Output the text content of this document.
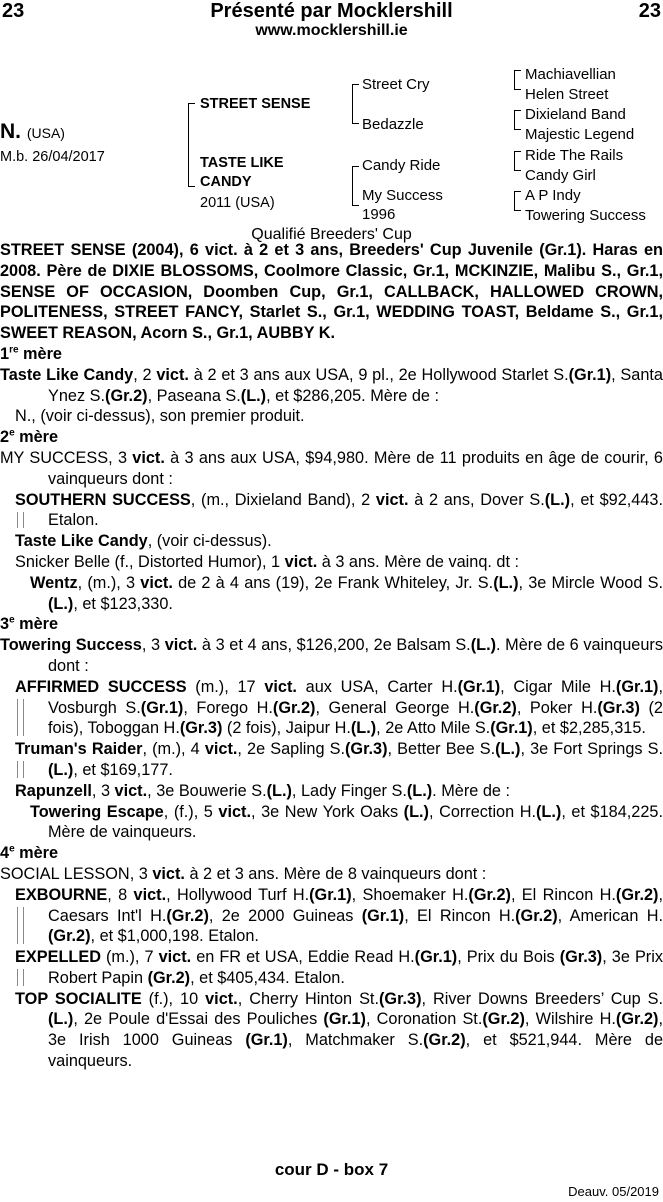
23	Présenté par Mocklershill	23
www.mocklershill.ie
N. (USA)
M.b. 26/04/2017
STREET SENSE
TASTE LIKE CANDY
2011 (USA)
Street Cry
Bedazzle
Candy Ride
My Success
1996
Machiavellian
Helen Street
Dixieland Band
Majestic Legend
Ride The Rails
Candy Girl
A P Indy
Towering Success
Qualifié Breeders' Cup

STREET SENSE (2004), 6 vict. à 2 et 3 ans, Breeders' Cup Juvenile (Gr.1). Haras en 2008. Père de DIXIE BLOSSOMS, Coolmore Classic, Gr.1, MCKINZIE, Malibu S., Gr.1, SENSE OF OCCASION, Doomben Cup, Gr.1, CALLBACK, HALLOWED CROWN, POLITENESS, STREET FANCY, Starlet S., Gr.1, WEDDING TOAST, Beldame S., Gr.1, SWEET REASON, Acorn S., Gr.1, AUBBY K.

1re mère

Taste Like Candy, 2 vict. à 2 et 3 ans aux USA, 9 pl., 2e Hollywood Starlet S.(Gr.1), Santa Ynez S.(Gr.2), Paseana S.(L.), et $286,205. Mère de :

N., (voir ci-dessus), son premier produit.

2e mère

MY SUCCESS, 3 vict. à 3 ans aux USA, $94,980. Mère de 11 produits en âge de courir, 6 vainqueurs dont :

SOUTHERN SUCCESS, (m., Dixieland Band), 2 vict. à 2 ans, Dover S.(L.), et $92,443. Etalon.
Taste Like Candy, (voir ci-dessus).
Snicker Belle (f., Distorted Humor), 1 vict. à 3 ans. Mère de vainq. dt :
Wentz, (m.), 3 vict. de 2 à 4 ans (19), 2e Frank Whiteley, Jr. S.(L.), 3e Mircle Wood S.(L.), et $123,330.

3e mère

Towering Success, 3 vict. à 3 et 4 ans, $126,200, 2e Balsam S.(L.). Mère de 6 vainqueurs dont :

AFFIRMED SUCCESS (m.), 17 vict. aux USA, Carter H.(Gr.1), Cigar Mile H.(Gr.1), Vosburgh S.(Gr.1), Forego H.(Gr.2), General George H.(Gr.2), Poker H.(Gr.3) (2 fois), Toboggan H.(Gr.3) (2 fois), Jaipur H.(L.), 2e Atto Mile S.(Gr.1), et $2,285,315.
Truman's Raider, (m.), 4 vict., 2e Sapling S.(Gr.3), Better Bee S.(L.), 3e Fort Springs S.(L.), et $169,177.
Rapunzell, 3 vict., 3e Bouwerie S.(L.), Lady Finger S.(L.). Mère de :
Towering Escape, (f.), 5 vict., 3e New York Oaks (L.), Correction H.(L.), et $184,225. Mère de vainqueurs.

4e mère

SOCIAL LESSON, 3 vict. à 2 et 3 ans. Mère de 8 vainqueurs dont :

EXBOURNE, 8 vict., Hollywood Turf H.(Gr.1), Shoemaker H.(Gr.2), El Rincon H.(Gr.2), Caesars Int'l H.(Gr.2), 2e 2000 Guineas (Gr.1), El Rincon H.(Gr.2), American H.(Gr.2), et $1,000,198. Etalon.
EXPELLED (m.), 7 vict. en FR et USA, Eddie Read H.(Gr.1), Prix du Bois (Gr.3), 3e Prix Robert Papin (Gr.2), et $405,434. Etalon.
TOP SOCIALITE (f.), 10 vict., Cherry Hinton St.(Gr.3), River Downs Breeders’ Cup S.(L.), 2e Poule d'Essai des Pouliches (Gr.1), Coronation St.(Gr.2), Wilshire H.(Gr.2), 3e Irish 1000 Guineas (Gr.1), Matchmaker S.(Gr.2), et $521,944. Mère de vainqueurs.
cour D - box 7
Deauv. 05/2019
